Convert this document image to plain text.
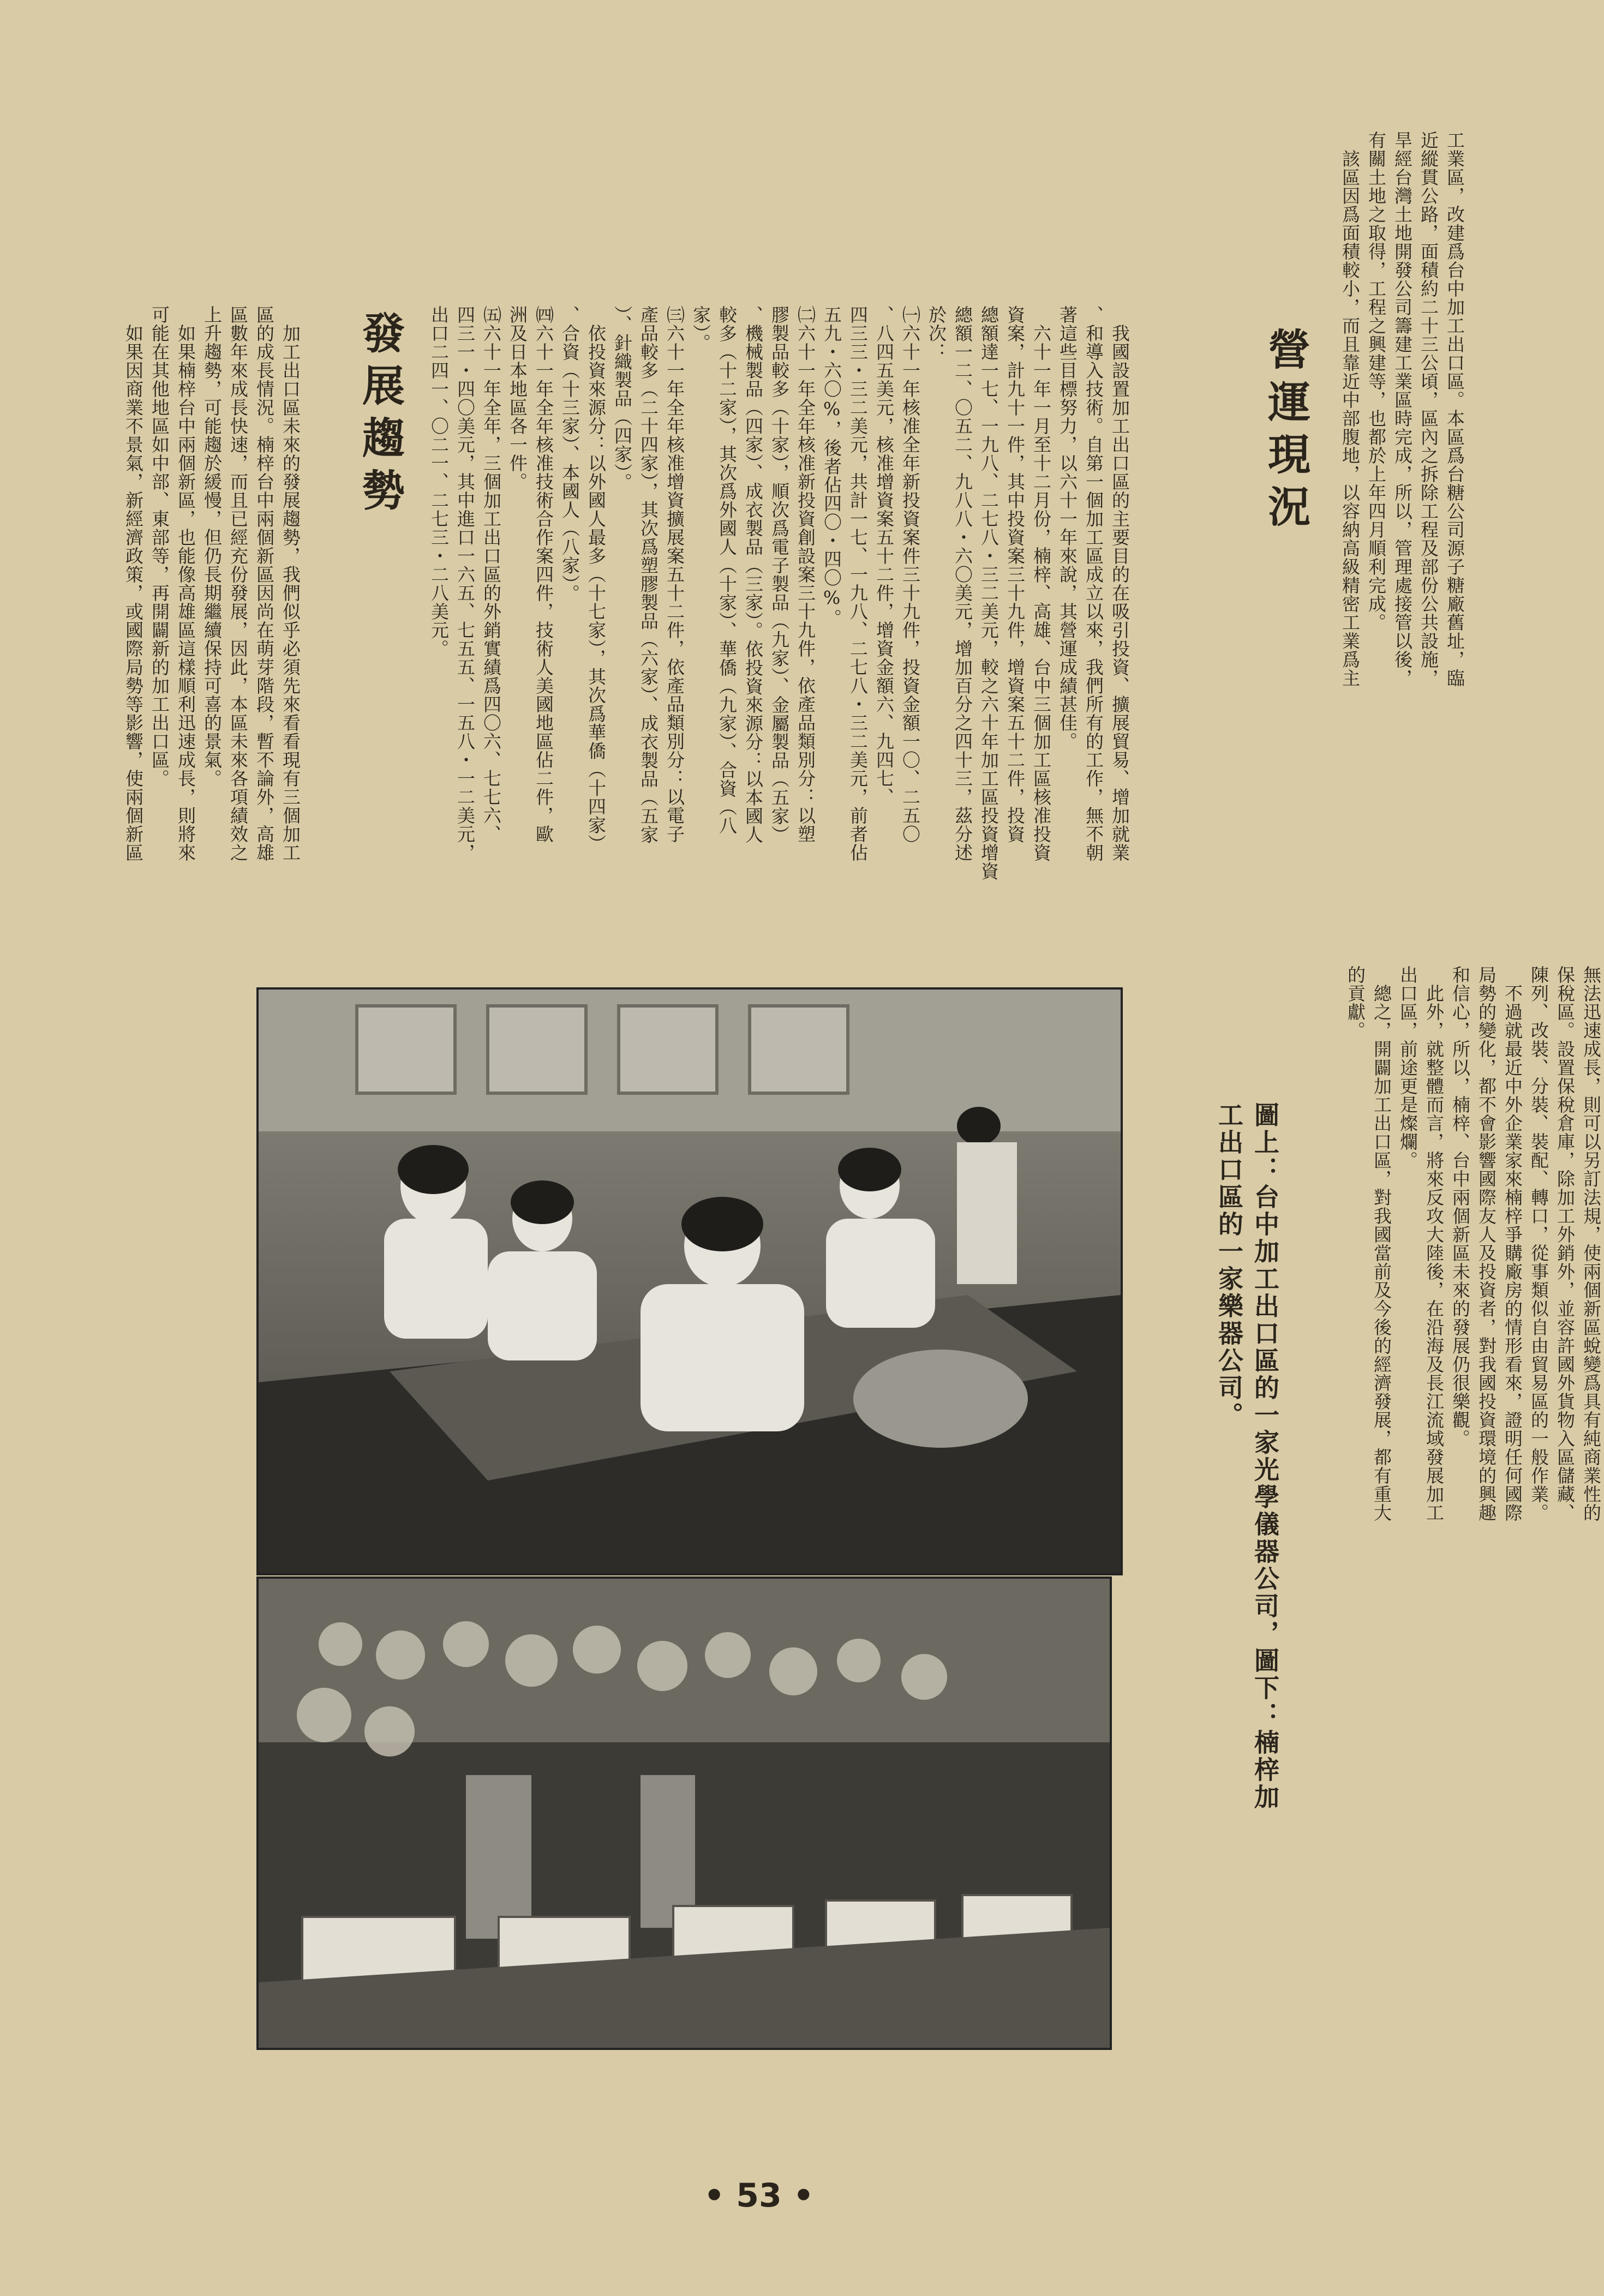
工業區，改建爲台中加工出口區。本區爲台糖公司源子糖廠舊址，臨
近縱貫公路，面積約二十三公頃，區內之拆除工程及部份公共設施，
旱經台灣土地開發公司籌建工業區時完成，所以，管理處接管以後，
有關土地之取得，工程之興建等，也都於上年四月順利完成。
　該區因爲面積較小，而且靠近中部腹地，以容納高級精密工業爲主
營運現況
　我國設置加工出口區的主要目的在吸引投資、擴展貿易、增加就業
、和導入技術。自第一個加工區成立以來，我們所有的工作，無不朝
著這些目標努力，以六十一年來說，其營運成績甚佳。
　六十一年一月至十二月份，楠梓、高雄、台中三個加工區核准投資
資案，計九十一件，其中投資案三十九件，增資案五十二件，投資
總額達一七、一九八、二七八・三二美元，較之六十年加工區投資增資
總額一二、〇五二、九八八・六〇美元，增加百分之四十三，茲分述
於次：
㈠六十一年核准全年新投資案件三十九件，投資金額一〇、二五〇
、八四五美元，核准增資案五十二件，增資金額六、九四七、
四三三・三二美元，共計一七、一九八、二七八・三二美元，前者佔
五九・六〇%，後者佔四〇・四〇%。
㈡六十一年全年核准新投資創設案三十九件，依產品類別分：以塑
膠製品較多（十家），順次爲電子製品（九家）、金屬製品（五家）
、機械製品（四家）、成衣製品（三家）。依投資來源分：以本國人
較多（十二家），其次爲外國人（十家）、華僑（九家）、合資（八
家）。
㈢六十一年全年核准增資擴展案五十二件，依產品類別分：以電子
產品較多（二十四家），其次爲塑膠製品（六家）、成衣製品（五家
）、針織製品（四家）。
　依投資來源分：以外國人最多（十七家），其次爲華僑（十四家）
、合資（十三家）、本國人（八家）。
㈣六十一年全年核准技術合作案四件，技術人美國地區佔二件，歐
洲及日本地區各一件。
㈤六十一年全年，三個加工出口區的外銷實績爲四〇六、七七六、
四三一・四〇美元，其中進口一六五、七五五、一五八・一二美元，
出口二四一、〇二一、二七三・二八美元。
發展趨勢
　加工出口區未來的發展趨勢，我們似乎必須先來看看現有三個加工
區的成長情況。楠梓台中兩個新區因尚在萌芽階段，暫不論外，高雄
區數年來成長快速，而且已經充份發展，因此，本區未來各項績效之
上升趨勢，可能趨於緩慢，但仍長期繼續保持可喜的景氣。
　如果楠梓台中兩個新區，也能像高雄區這樣順利迅速成長，則將來
可能在其他地區如中部、東部等，再開闢新的加工出口區。
　如果因商業不景氣，新經濟政策，或國際局勢等影響，使兩個新區
無法迅速成長，則可以另訂法規，使兩個新區蛻變爲具有純商業性的
保稅區。設置保稅倉庫，除加工外銷外，並容許國外貨物入區儲藏、
陳列、改裝、分裝、裝配、轉口，從事類似自由貿易區的一般作業。
　不過就最近中外企業家來楠梓爭購廠房的情形看來，證明任何國際
局勢的變化，都不會影響國際友人及投資者，對我國投資環境的興趣
和信心，所以，楠梓、台中兩個新區未來的發展仍很樂觀。
　此外，就整體而言，將來反攻大陸後，在沿海及長江流域發展加工
出口區，前途更是燦爛。
　總之，開闢加工出口區，對我國當前及今後的經濟發展，都有重大
的貢獻。
圖上：台中加工出口區的一家光學儀器公司，圖下：楠梓加工出口區的一家樂器公司。
• 53 •
